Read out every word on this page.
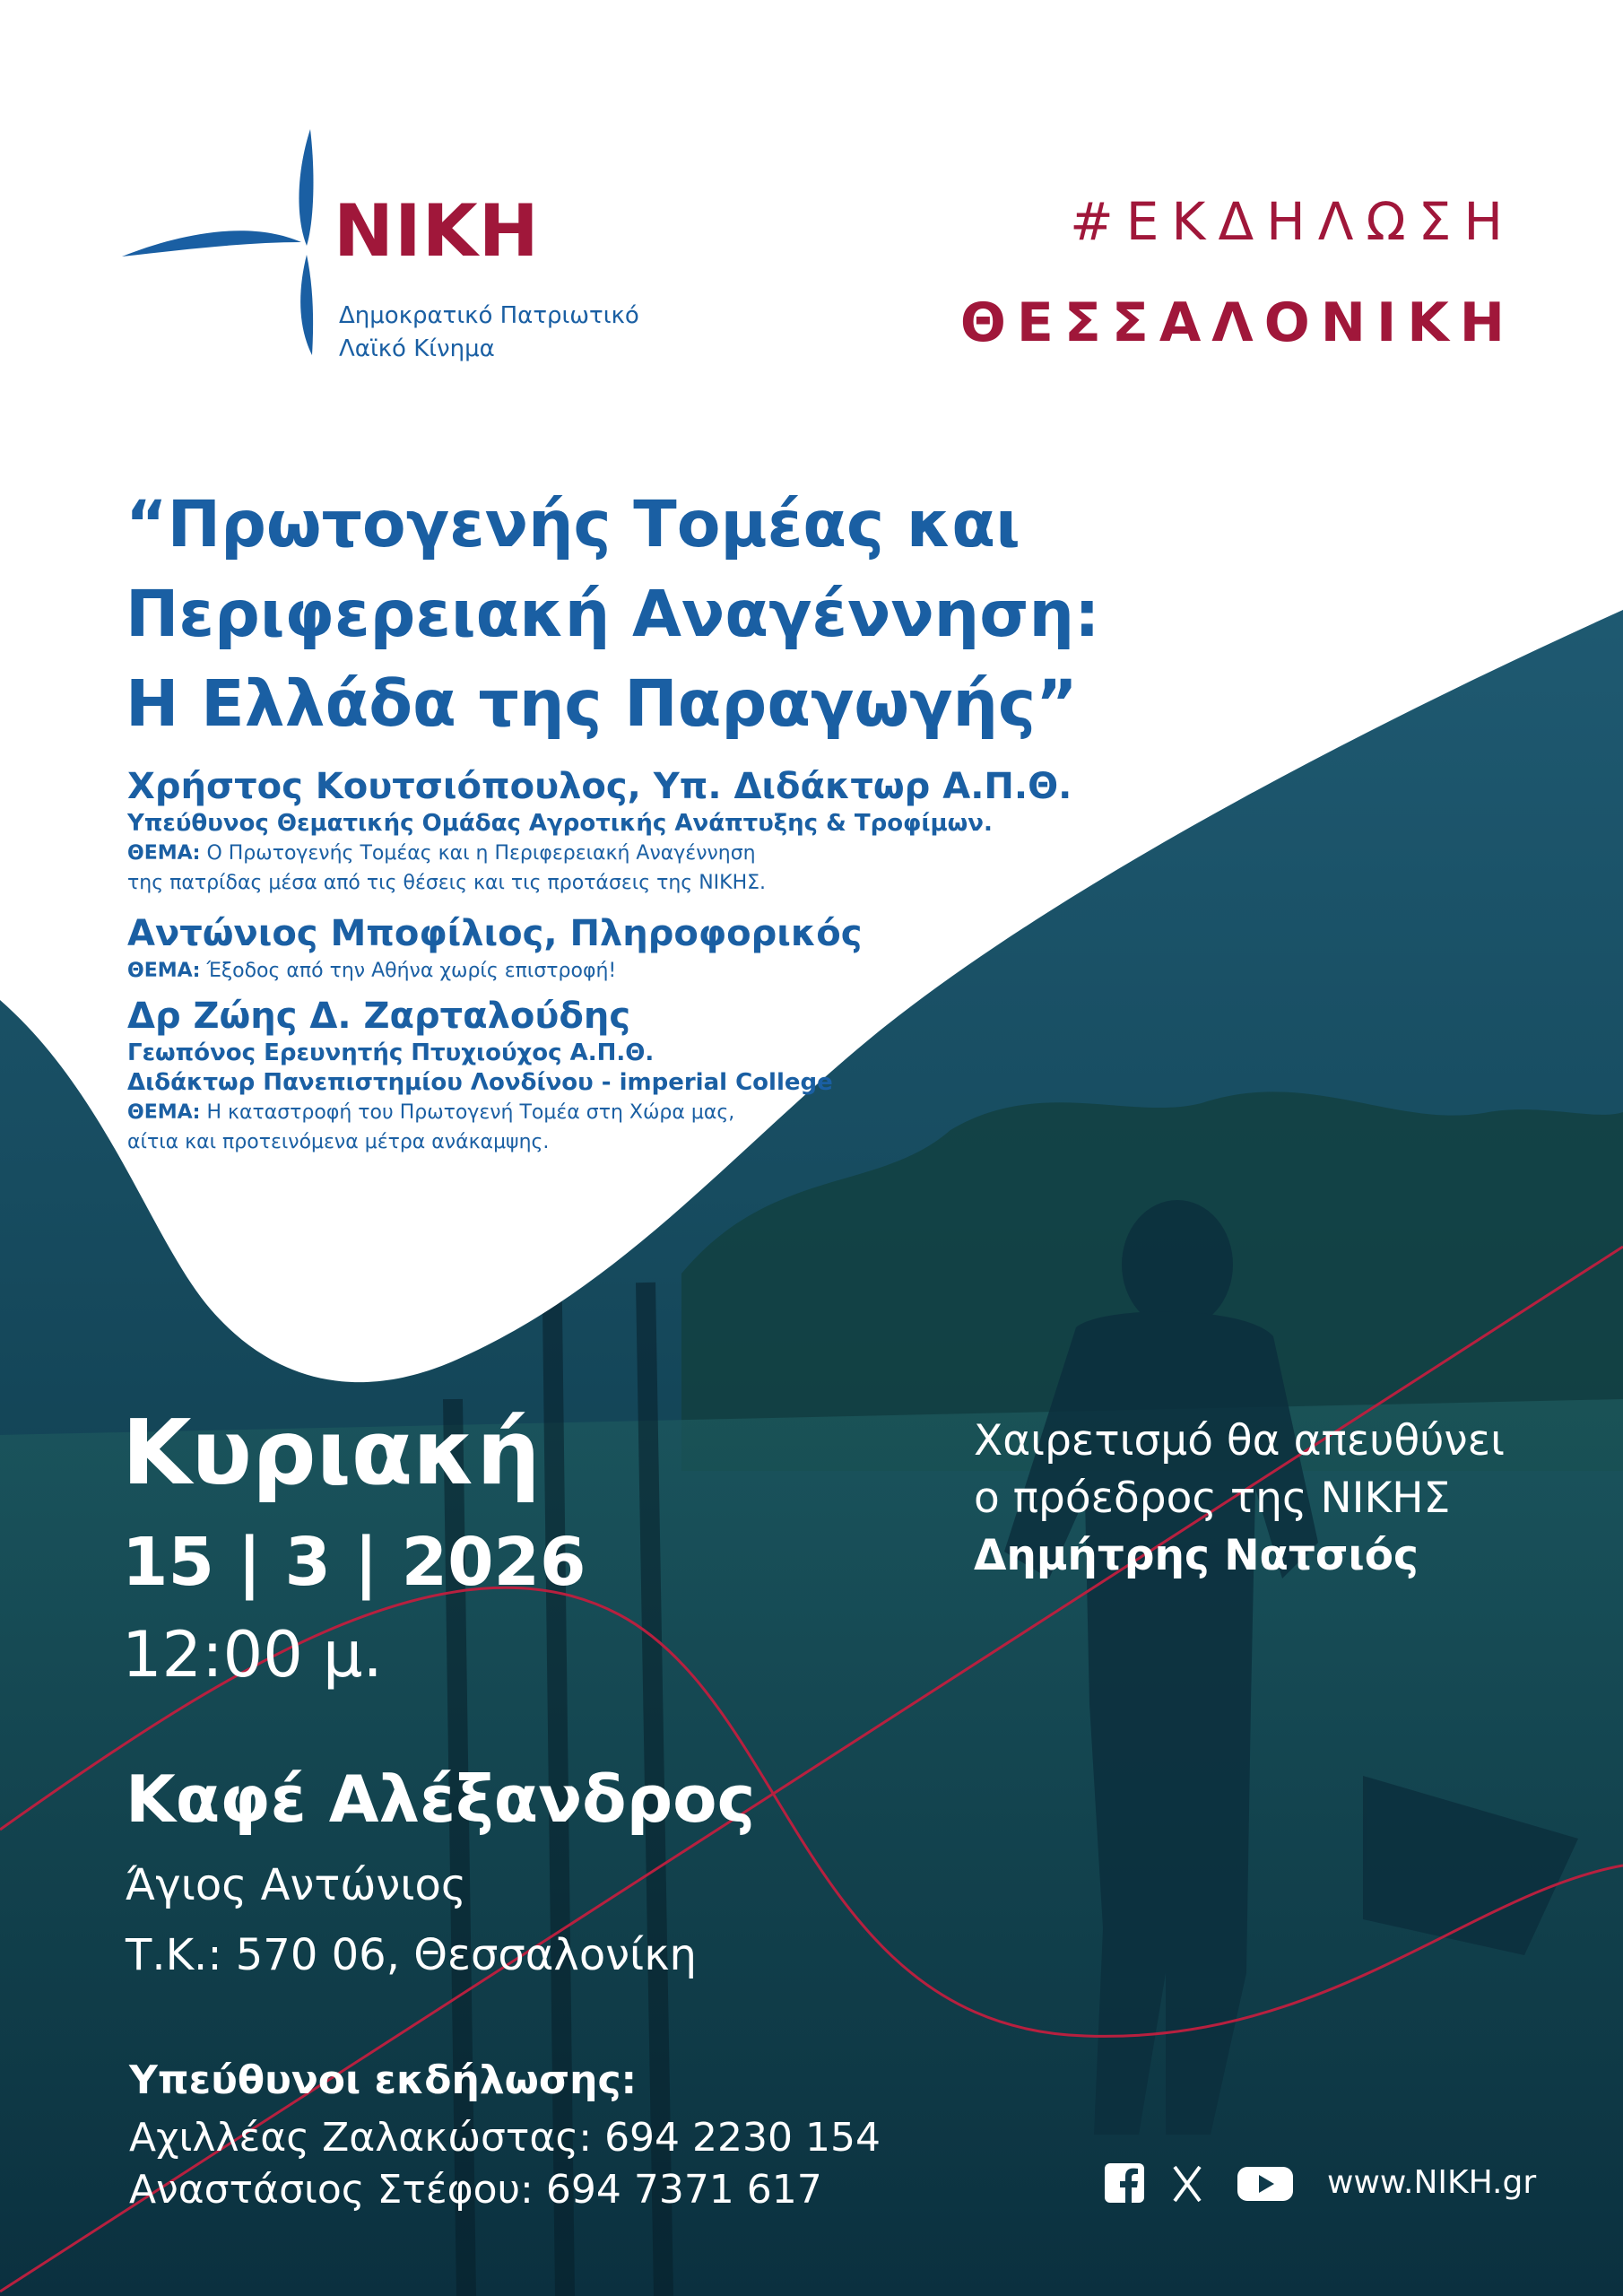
ΝΙΚΗ
Δημοκρατικό Πατριωτικό Λαϊκό Κίνημα
#ΕΚΔΗΛΩΣΗ
ΘΕΣΣΑΛΟΝΙΚΗ
“Πρωτογενής Τομέας και
Περιφερειακή Αναγέννηση:
Η Ελλάδα της Παραγωγής”
Χρήστος Κουτσιόπουλος, Υπ. Διδάκτωρ Α.Π.Θ.
Υπεύθυνος Θεματικής Ομάδας Αγροτικής Ανάπτυξης & Τροφίμων.
ΘΕΜΑ: Ο Πρωτογενής Τομέας και η Περιφερειακή Αναγέννηση
της πατρίδας μέσα από τις θέσεις και τις προτάσεις της ΝΙΚΗΣ.
Αντώνιος Μποφίλιος, Πληροφορικός
ΘΕΜΑ: Έξοδος από την Αθήνα χωρίς επιστροφή!
Δρ Ζώης Δ. Ζαρταλούδης
Γεωπόνος Ερευνητής Πτυχιούχος Α.Π.Θ.
Διδάκτωρ Πανεπιστημίου Λονδίνου - imperial College
ΘΕΜΑ: Η καταστροφή του Πρωτογενή Τομέα στη Χώρα μας,
αίτια και προτεινόμενα μέτρα ανάκαμψης.
Κυριακή
15 | 3 | 2026
12:00 μ.
Χαιρετισμό θα απευθύνει
ο πρόεδρος της ΝΙΚΗΣ
Δημήτρης Νατσιός
Καφέ Αλέξανδρος
Άγιος Αντώνιος
Τ.Κ.: 570 06, Θεσσαλονίκη
Υπεύθυνοι εκδήλωσης:
Αχιλλέας Ζαλακώστας: 694 2230 154
Αναστάσιος Στέφου: 694 7371 617	www.NIKH.gr
